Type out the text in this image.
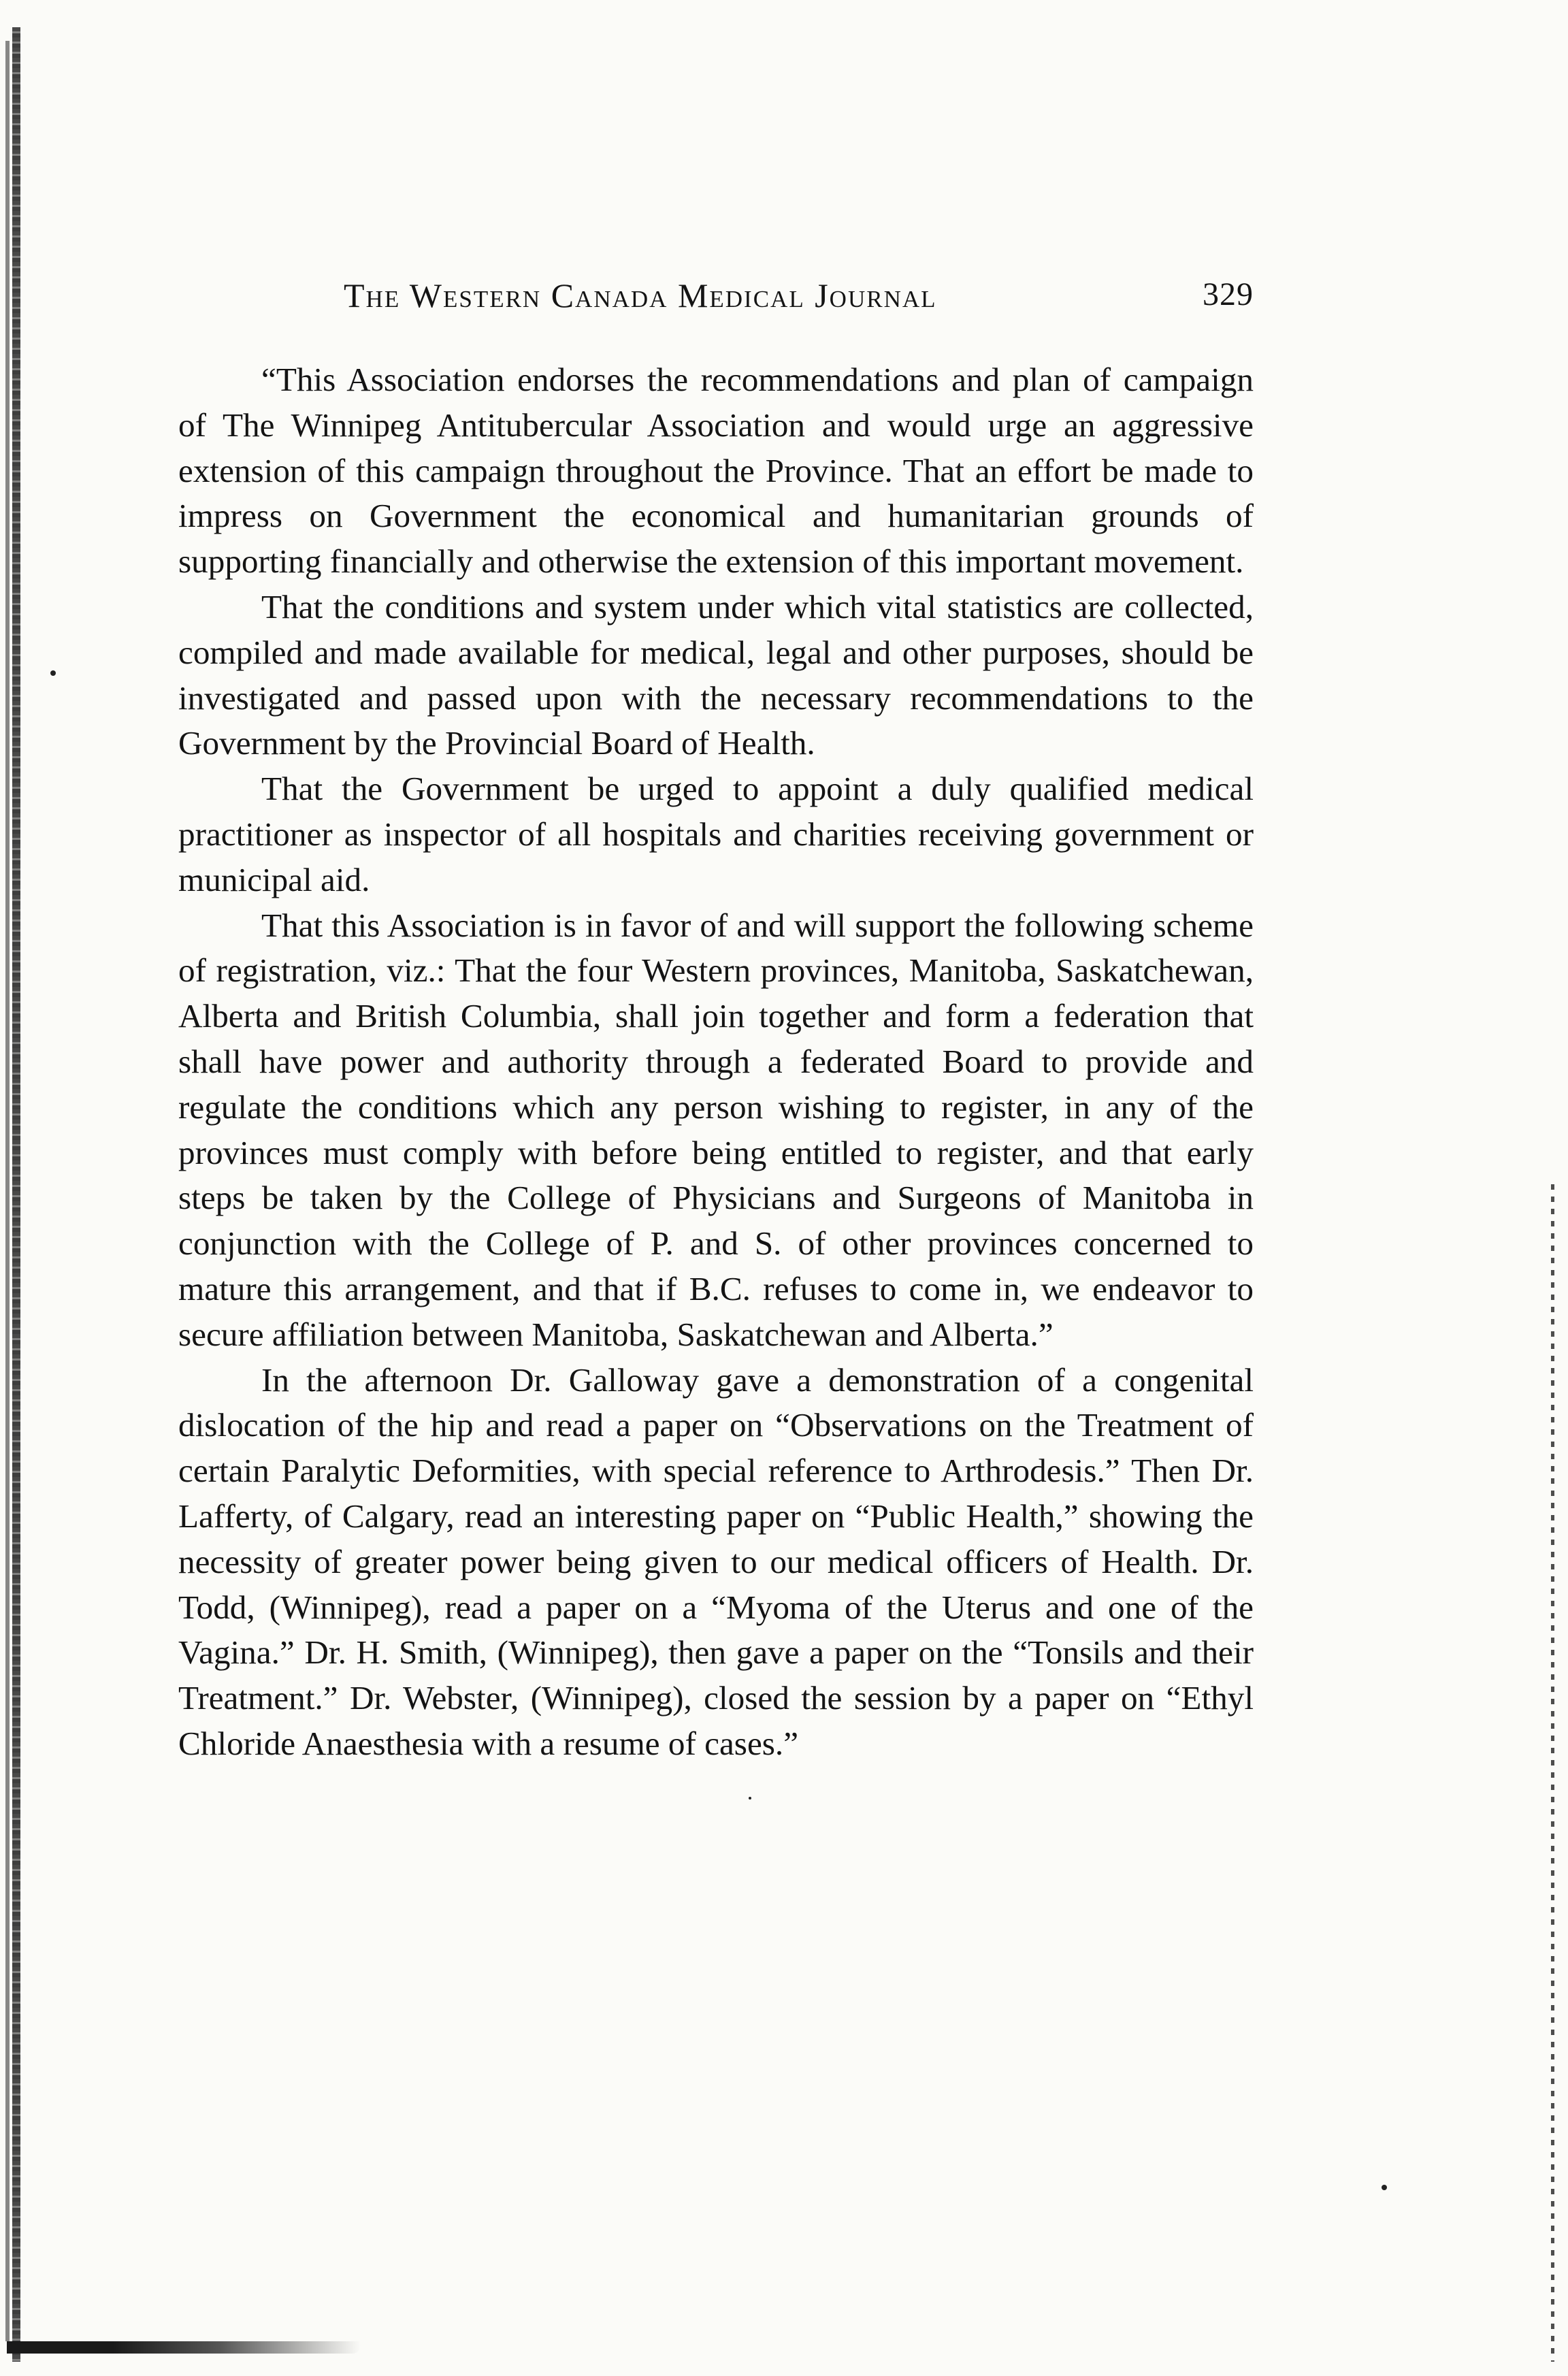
The Western Canada Medical Journal	329

“This Association endorses the recommendations and plan of campaign of The Winnipeg Antitubercular Association and would urge an aggressive extension of this campaign throughout the Province. That an effort be made to impress on Government the economical and humanitarian grounds of supporting financially and otherwise the extension of this important movement.

That the conditions and system under which vital statistics are collected, compiled and made available for medical, legal and other purposes, should be investigated and passed upon with the necessary recommendations to the Government by the Provincial Board of Health.

That the Government be urged to appoint a duly qualified medical practitioner as inspector of all hospitals and charities receiving government or municipal aid.

That this Association is in favor of and will support the following scheme of registration, viz.: That the four Western provinces, Manitoba, Saskatchewan, Alberta and British Columbia, shall join together and form a federation that shall have power and authority through a federated Board to provide and regulate the conditions which any person wishing to register, in any of the provinces must comply with before being entitled to register, and that early steps be taken by the College of Physicians and Surgeons of Manitoba in conjunction with the College of P. and S. of other provinces concerned to mature this arrangement, and that if B.C. refuses to come in, we endeavor to secure affiliation between Manitoba, Saskatchewan and Alberta.”

In the afternoon Dr. Galloway gave a demonstration of a congenital dislocation of the hip and read a paper on “Observations on the Treatment of certain Paralytic Deformities, with special reference to Arthrodesis.” Then Dr. Lafferty, of Calgary, read an interesting paper on “Public Health,” showing the necessity of greater power being given to our medical officers of Health. Dr. Todd, (Winnipeg), read a paper on a “Myoma of the Uterus and one of the Vagina.” Dr. H. Smith, (Winnipeg), then gave a paper on the “Tonsils and their Treatment.” Dr. Webster, (Winnipeg), closed the session by a paper on “Ethyl Chloride Anaesthesia with a resume of cases.”
